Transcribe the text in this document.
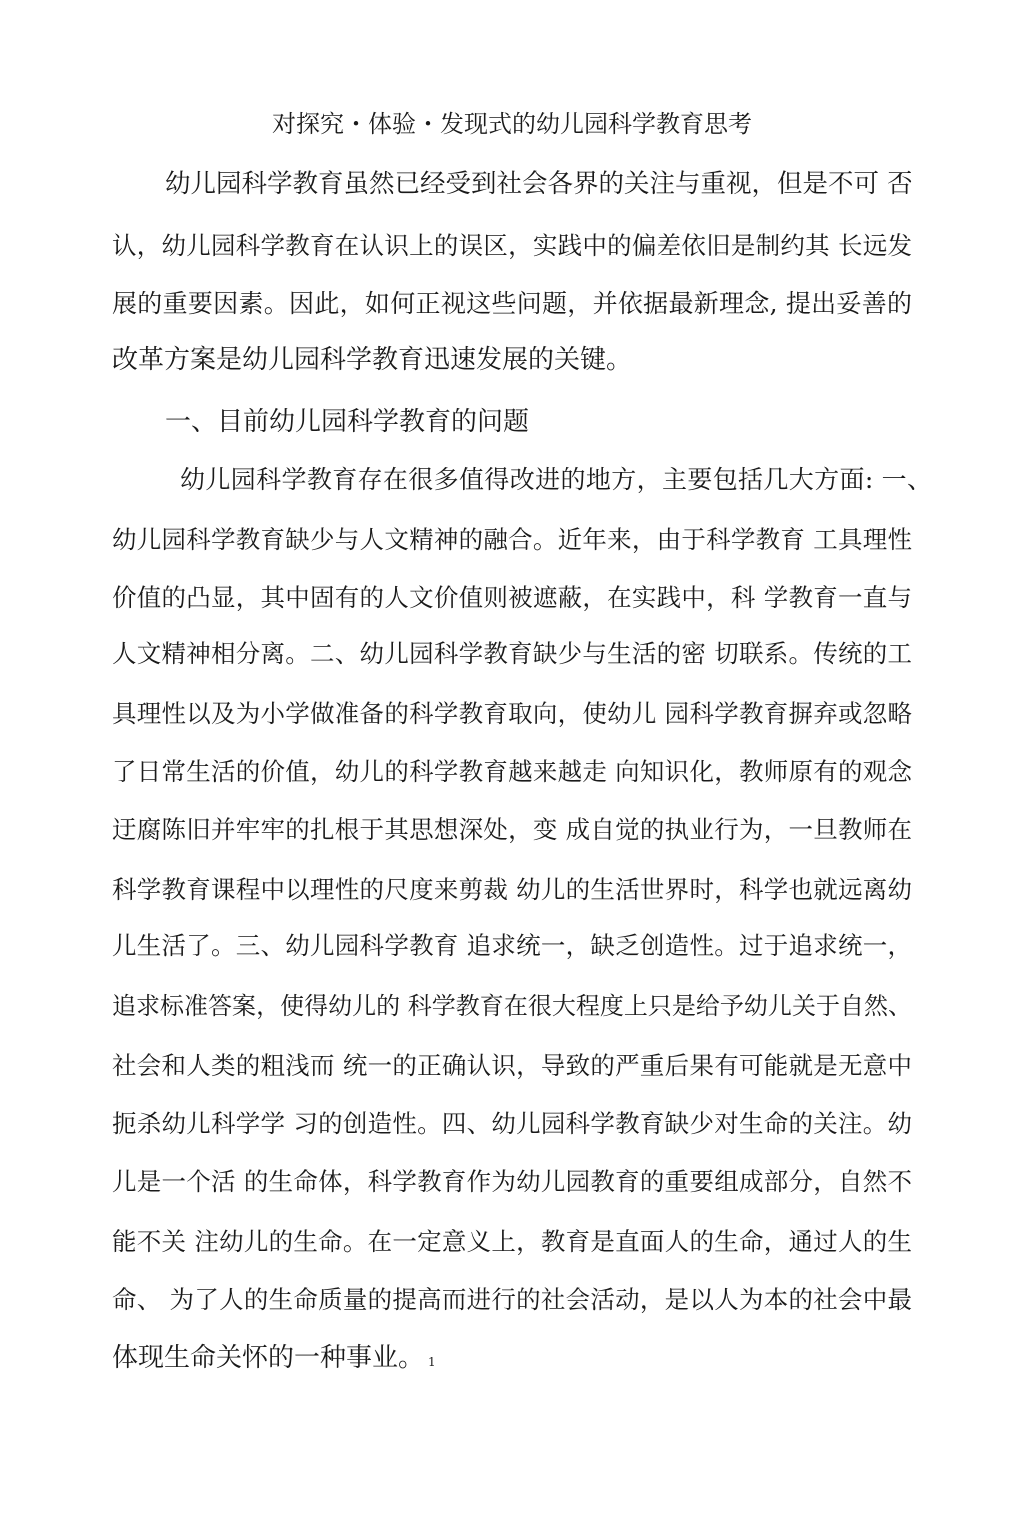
对探究・体验・发现式的幼儿园科学教育思考
幼儿园科学教育虽然已经受到社会各界的关注与重视，但是不可 否
认，幼儿园科学教育在认识上的误区，实践中的偏差依旧是制约其 长远发
展的重要因素。因此，如何正视这些问题，并依据最新理念, 提出妥善的
改革方案是幼儿园科学教育迅速发展的关键。
一、目前幼儿园科学教育的问题
幼儿园科学教育存在很多值得改进的地方，主要包括几大方面: 一、
幼儿园科学教育缺少与人文精神的融合。近年来，由于科学教育 工具理性
价值的凸显，其中固有的人文价值则被遮蔽，在实践中，科 学教育一直与
人文精神相分离。二、幼儿园科学教育缺少与生活的密 切联系。传统的工
具理性以及为小学做准备的科学教育取向，使幼儿 园科学教育摒弃或忽略
了日常生活的价值，幼儿的科学教育越来越走 向知识化，教师原有的观念
迂腐陈旧并牢牢的扎根于其思想深处，变 成自觉的执业行为，一旦教师在
科学教育课程中以理性的尺度来剪裁 幼儿的生活世界时，科学也就远离幼
儿生活了。三、幼儿园科学教育 追求统一，缺乏创造性。过于追求统一，
追求标准答案，使得幼儿的 科学教育在很大程度上只是给予幼儿关于自然、
社会和人类的粗浅而 统一的正确认识，导致的严重后果有可能就是无意中
扼杀幼儿科学学 习的创造性。四、幼儿园科学教育缺少对生命的关注。幼
儿是一个活 的生命体，科学教育作为幼儿园教育的重要组成部分，自然不
能不关 注幼儿的生命。在一定意义上，教育是直面人的生命，通过人的生
命、 为了人的生命质量的提高而进行的社会活动，是以人为本的社会中最
体现生命关怀的一种事业。 1
